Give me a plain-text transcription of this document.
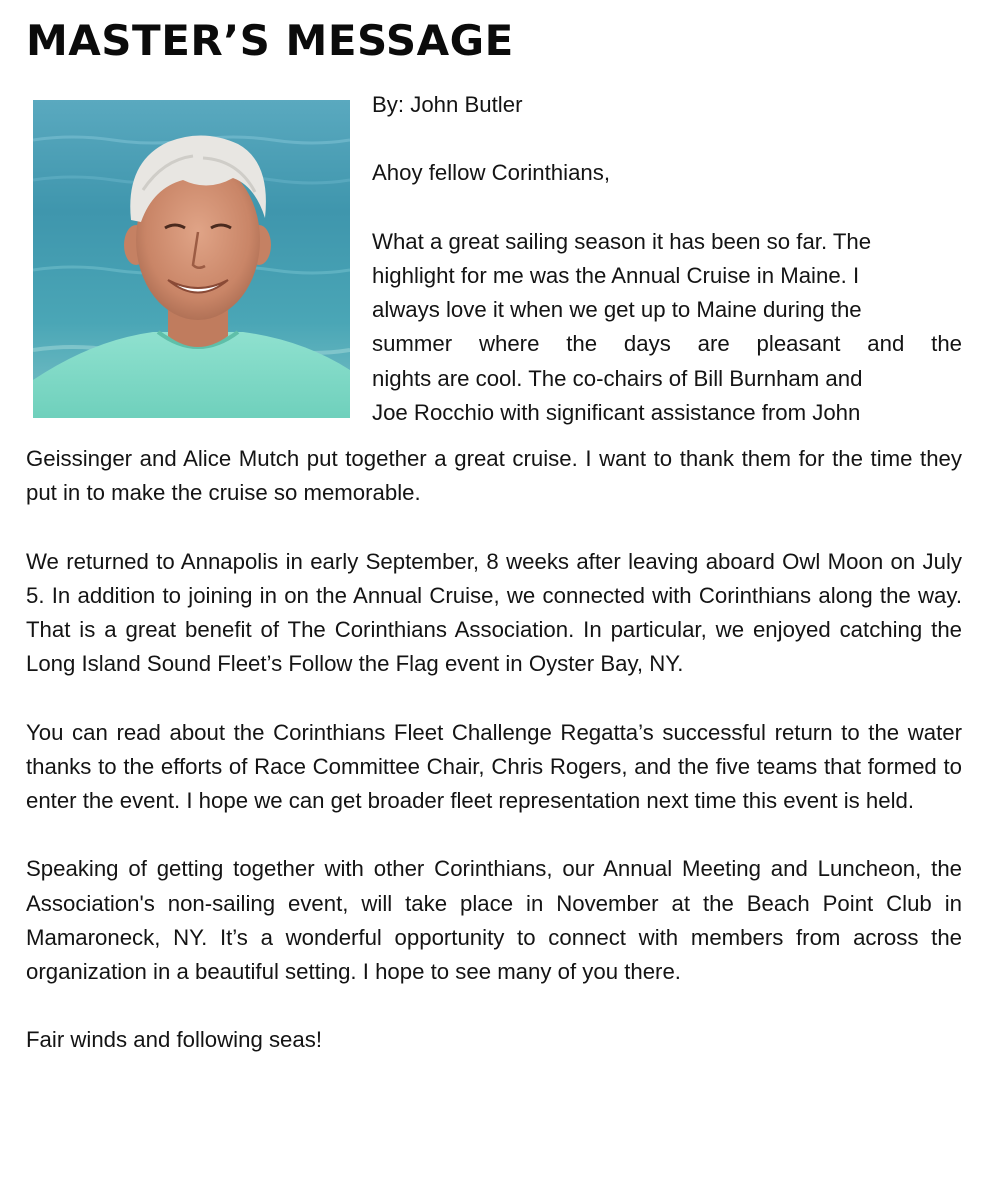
MASTER’S MESSAGE

By: John Butler

Ahoy fellow Corinthians,

What a great sailing season it has been so far. The

highlight for me was the Annual Cruise in Maine. I

always love it when we get up to Maine during the

summer where the days are pleasant and the

nights are cool. The co-chairs of Bill Burnham and

Joe Rocchio with significant assistance from John

Geissinger and Alice Mutch put together a great cruise. I want to thank them for the time they put in to make the cruise so memorable.

We returned to Annapolis in early September, 8 weeks after leaving aboard Owl Moon on July 5. In addition to joining in on the Annual Cruise, we connected with Corinthians along the way. That is a great benefit of The Corinthians Association. In particular, we enjoyed catching the Long Island Sound Fleet’s Follow the Flag event in Oyster Bay, NY.

You can read about the Corinthians Fleet Challenge Regatta’s successful return to the water thanks to the efforts of Race Committee Chair, Chris Rogers, and the five teams that formed to enter the event. I hope we can get broader fleet representation next time this event is held.

Speaking of getting together with other Corinthians, our Annual Meeting and Luncheon, the Association's non-sailing event, will take place in November at the Beach Point Club in Mamaroneck, NY. It’s a wonderful opportunity to connect with members from across the organization in a beautiful setting. I hope to see many of you there.

Fair winds and following seas!
